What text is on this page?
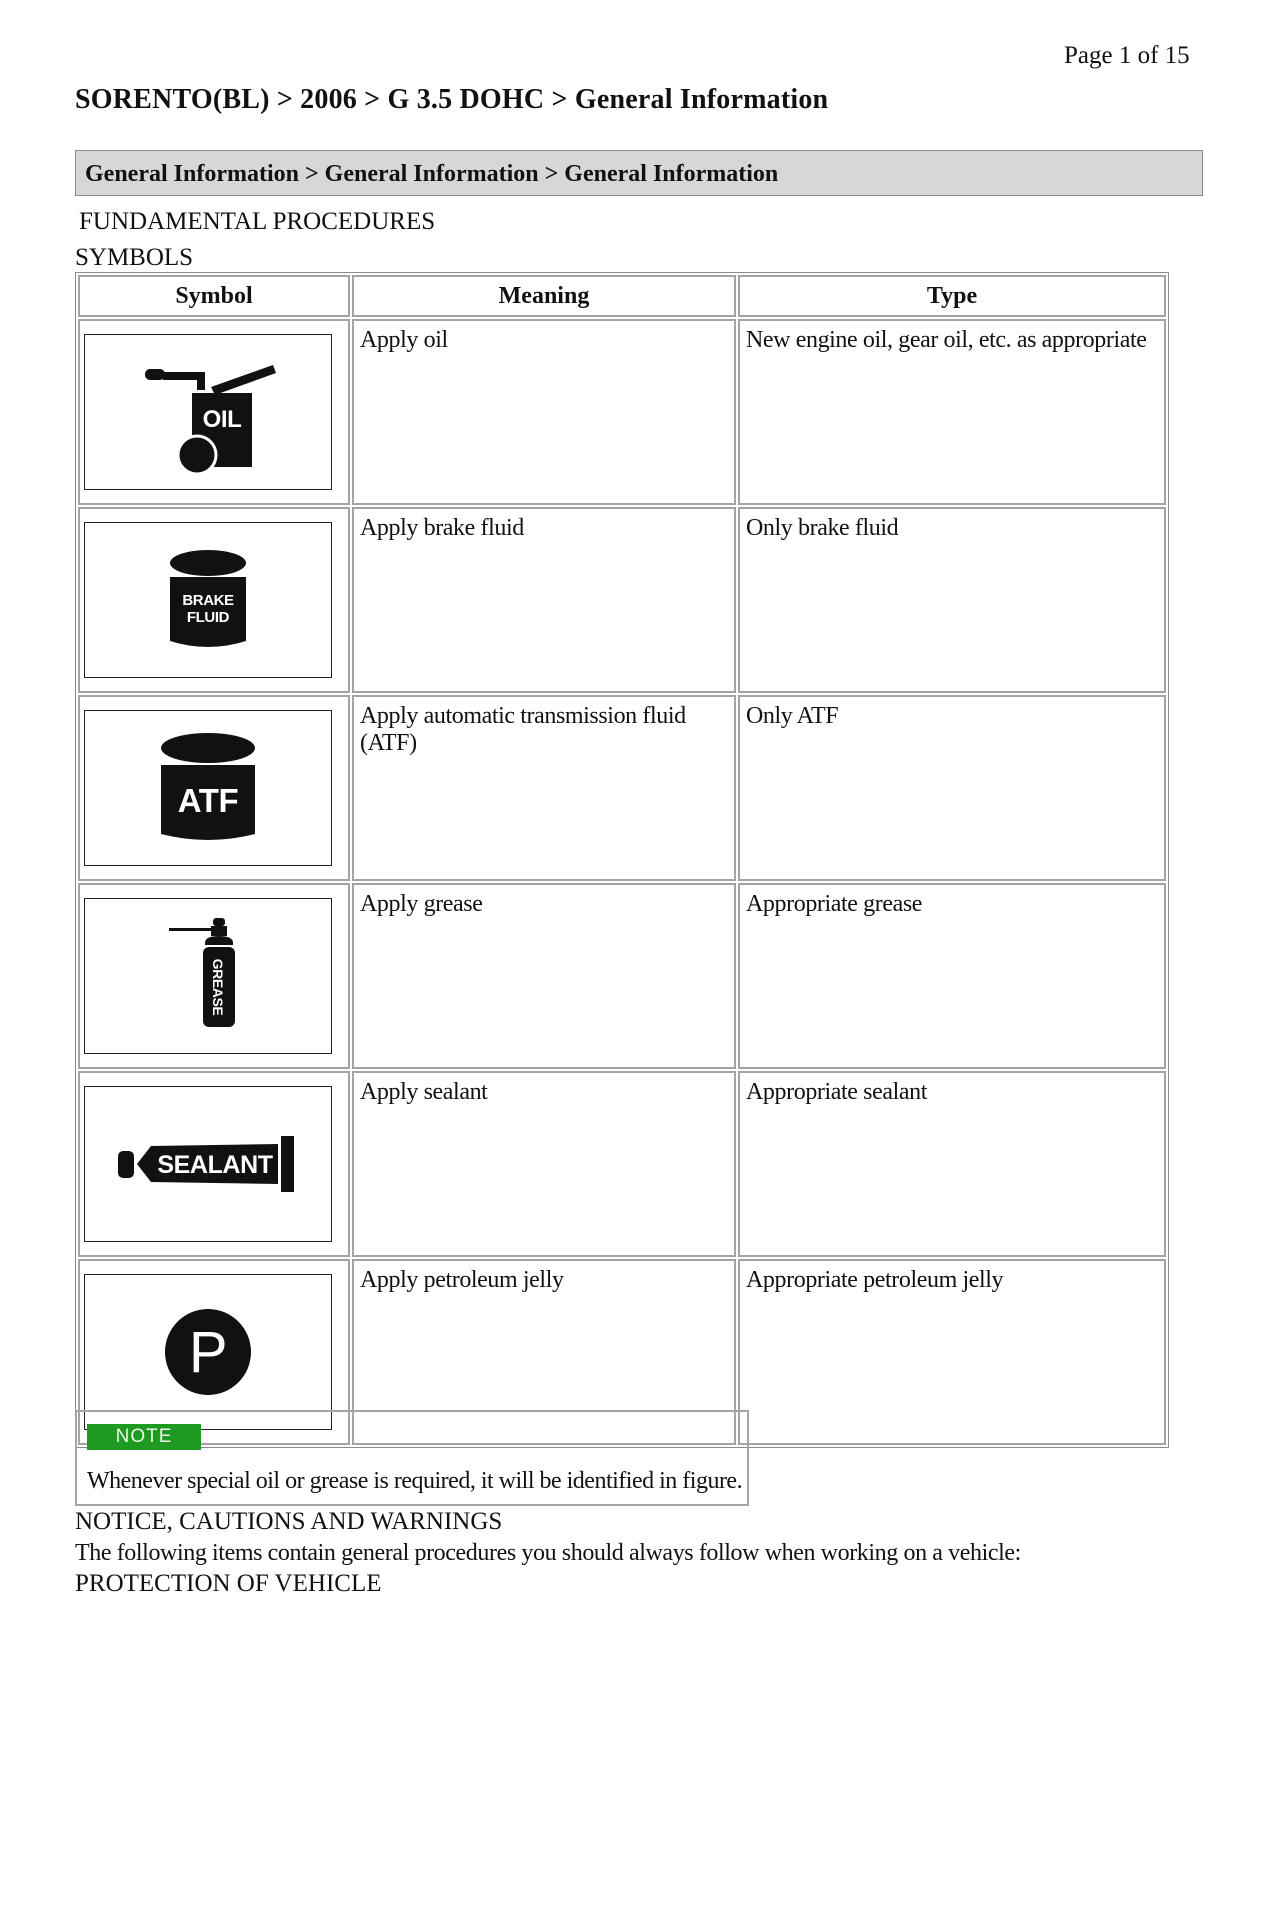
Page 1 of 15
SORENTO(BL) > 2006 > G 3.5 DOHC > General Information
General Information > General Information > General Information
FUNDAMENTAL PROCEDURES
SYMBOLS
Symbol	Meaning	Type

OIL	Apply oil	New engine oil, gear oil, etc. as appropriate

BRAKE
FLUID	Apply brake fluid	Only brake fluid

ATF	Apply automatic transmission fluid (ATF)	Only ATF

GREASE	Apply grease	Appropriate grease

SEALANT	Apply sealant	Appropriate sealant

P	Apply petroleum jelly	Appropriate petroleum jelly
NOTE
Whenever special oil or grease is required, it will be identified in figure.
NOTICE, CAUTIONS AND WARNINGS
The following items contain general procedures you should always follow when working on a vehicle:
PROTECTION OF VEHICLE
